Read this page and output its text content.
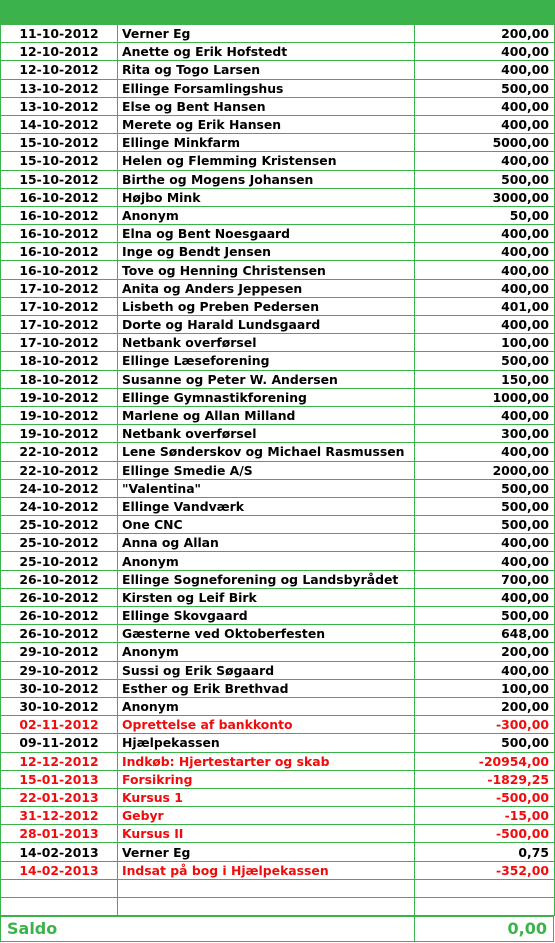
11-10-2012	Verner Eg	200,00
12-10-2012	Anette og Erik Hofstedt	400,00
12-10-2012	Rita og Togo Larsen	400,00
13-10-2012	Ellinge Forsamlingshus	500,00
13-10-2012	Else og Bent Hansen	400,00
14-10-2012	Merete og Erik Hansen	400,00
15-10-2012	Ellinge Minkfarm	5000,00
15-10-2012	Helen og Flemming Kristensen	400,00
15-10-2012	Birthe og Mogens Johansen	500,00
16-10-2012	Højbo Mink	3000,00
16-10-2012	Anonym	50,00
16-10-2012	Elna og Bent Noesgaard	400,00
16-10-2012	Inge og Bendt Jensen	400,00
16-10-2012	Tove og Henning Christensen	400,00
17-10-2012	Anita og Anders Jeppesen	400,00
17-10-2012	Lisbeth og Preben Pedersen	401,00
17-10-2012	Dorte og Harald Lundsgaard	400,00
17-10-2012	Netbank overførsel	100,00
18-10-2012	Ellinge Læseforening	500,00
18-10-2012	Susanne og Peter W. Andersen	150,00
19-10-2012	Ellinge Gymnastikforening	1000,00
19-10-2012	Marlene og Allan Milland	400,00
19-10-2012	Netbank overførsel	300,00
22-10-2012	Lene Sønderskov og Michael Rasmussen	400,00
22-10-2012	Ellinge Smedie A/S	2000,00
24-10-2012	"Valentina"	500,00
24-10-2012	Ellinge Vandværk	500,00
25-10-2012	One CNC	500,00
25-10-2012	Anna og Allan	400,00
25-10-2012	Anonym	400,00
26-10-2012	Ellinge Sogneforening og Landsbyrådet	700,00
26-10-2012	Kirsten og Leif Birk	400,00
26-10-2012	Ellinge Skovgaard	500,00
26-10-2012	Gæsterne ved Oktoberfesten	648,00
29-10-2012	Anonym	200,00
29-10-2012	Sussi og Erik Søgaard	400,00
30-10-2012	Esther og Erik Brethvad	100,00
30-10-2012	Anonym	200,00
02-11-2012	Oprettelse af bankkonto	-300,00
09-11-2012	Hjælpekassen	500,00
12-12-2012	Indkøb: Hjertestarter og skab	-20954,00
15-01-2013	Forsikring	-1829,25
22-01-2013	Kursus 1	-500,00
31-12-2012	Gebyr	-15,00
28-01-2013	Kursus II	-500,00
14-02-2013	Verner Eg	0,75
14-02-2013	Indsat på bog i Hjælpekassen	-352,00

Saldo	0,00
